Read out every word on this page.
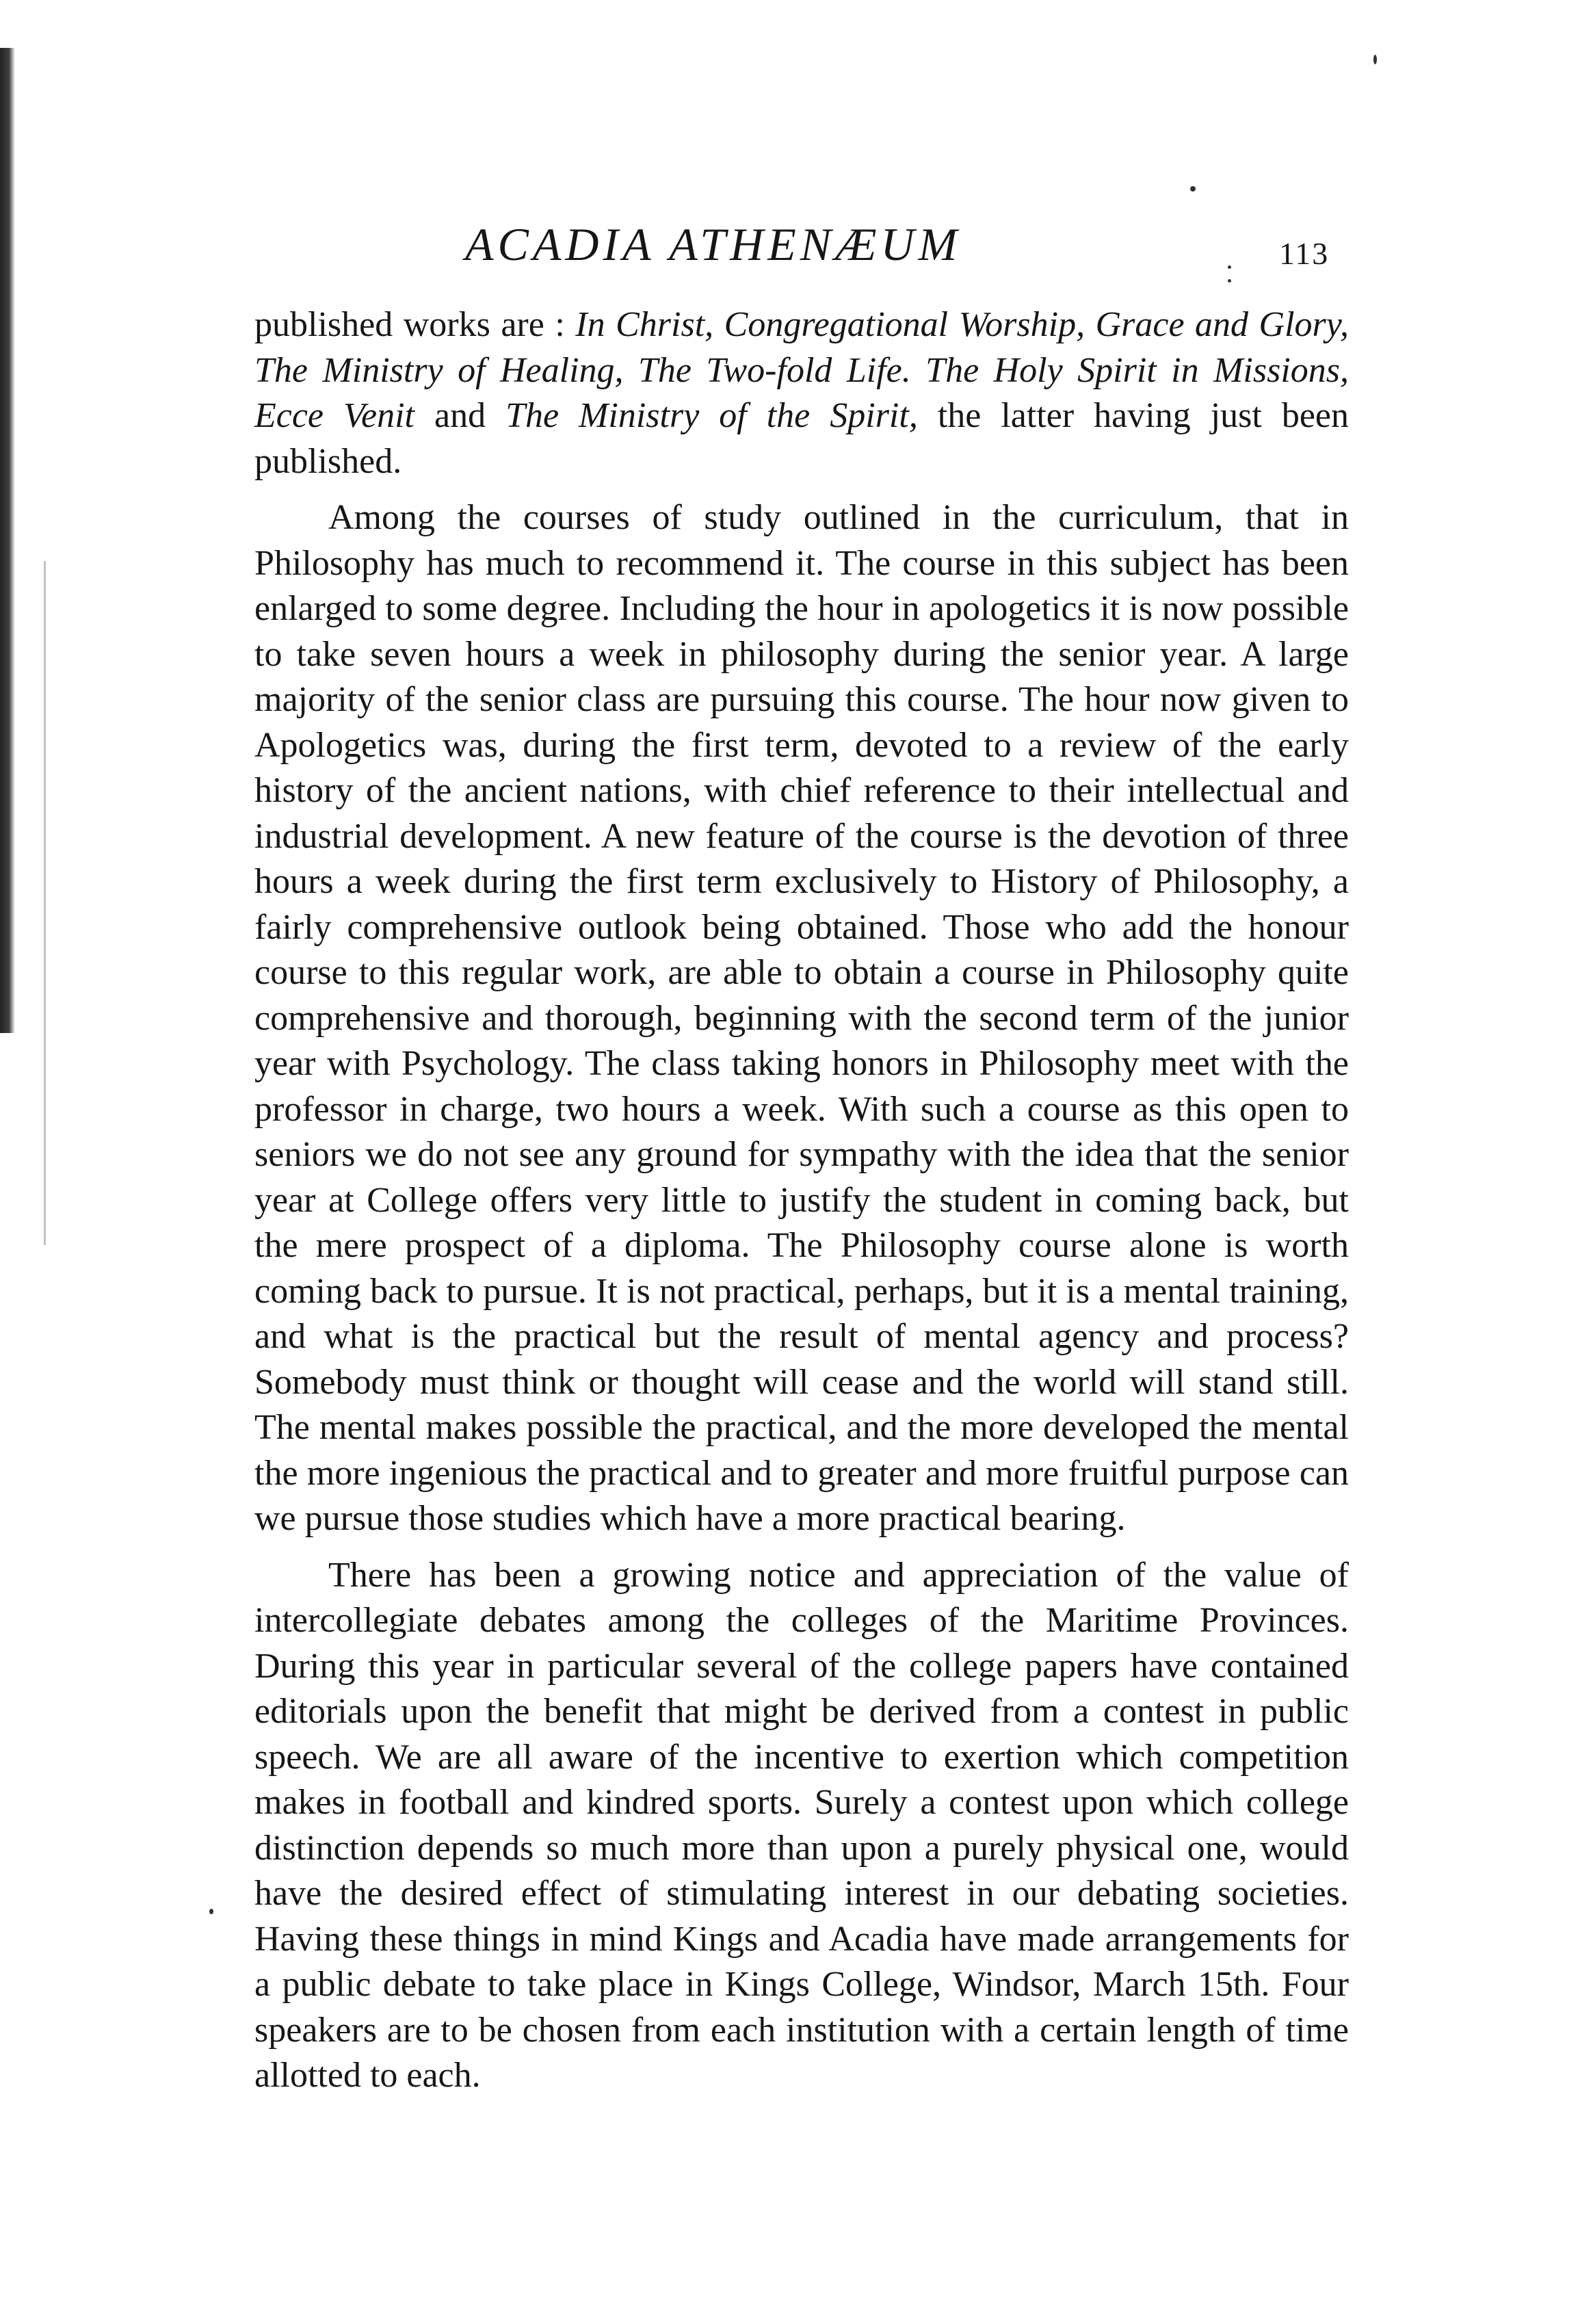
ACADIA ATHENÆUM	113

published works are : In Christ, Congregational Worship, Grace and Glory, The Ministry of Healing, The Two-fold Life. The Holy Spirit in Missions, Ecce Venit and The Ministry of the Spirit, the latter having just been published.

Among the courses of study outlined in the curriculum, that in Philosophy has much to recommend it. The course in this subject has been enlarged to some degree. Including the hour in apologetics it is now possible to take seven hours a week in philosophy during the senior year. A large majority of the senior class are pursuing this course. The hour now given to Apologetics was, during the first term, devoted to a review of the early history of the ancient nations, with chief reference to their intellectual and industrial development. A new feature of the course is the devotion of three hours a week during the first term exclusively to History of Philosophy, a fairly comprehensive outlook being obtained. Those who add the honour course to this regular work, are able to obtain a course in Philosophy quite comprehensive and thorough, beginning with the second term of the junior year with Psychology. The class taking honors in Philosophy meet with the professor in charge, two hours a week. With such a course as this open to seniors we do not see any ground for sympathy with the idea that the senior year at College offers very little to justify the student in coming back, but the mere prospect of a diploma. The Philosophy course alone is worth coming back to pursue. It is not practical, perhaps, but it is a mental training, and what is the practical but the result of mental agency and process? Somebody must think or thought will cease and the world will stand still. The mental makes possible the practical, and the more developed the mental the more ingenious the practical and to greater and more fruitful purpose can we pursue those studies which have a more practical bearing.

There has been a growing notice and appreciation of the value of intercollegiate debates among the colleges of the Maritime Provinces. During this year in particular several of the college papers have contained editorials upon the benefit that might be derived from a contest in public speech. We are all aware of the incentive to exertion which competition makes in football and kindred sports. Surely a contest upon which college distinction depends so much more than upon a purely physical one, would have the desired effect of stimulating interest in our debating societies. Having these things in mind Kings and Acadia have made arrangements for a public debate to take place in Kings College, Windsor, March 15th. Four speakers are to be chosen from each institution with a certain length of time allotted to each.
